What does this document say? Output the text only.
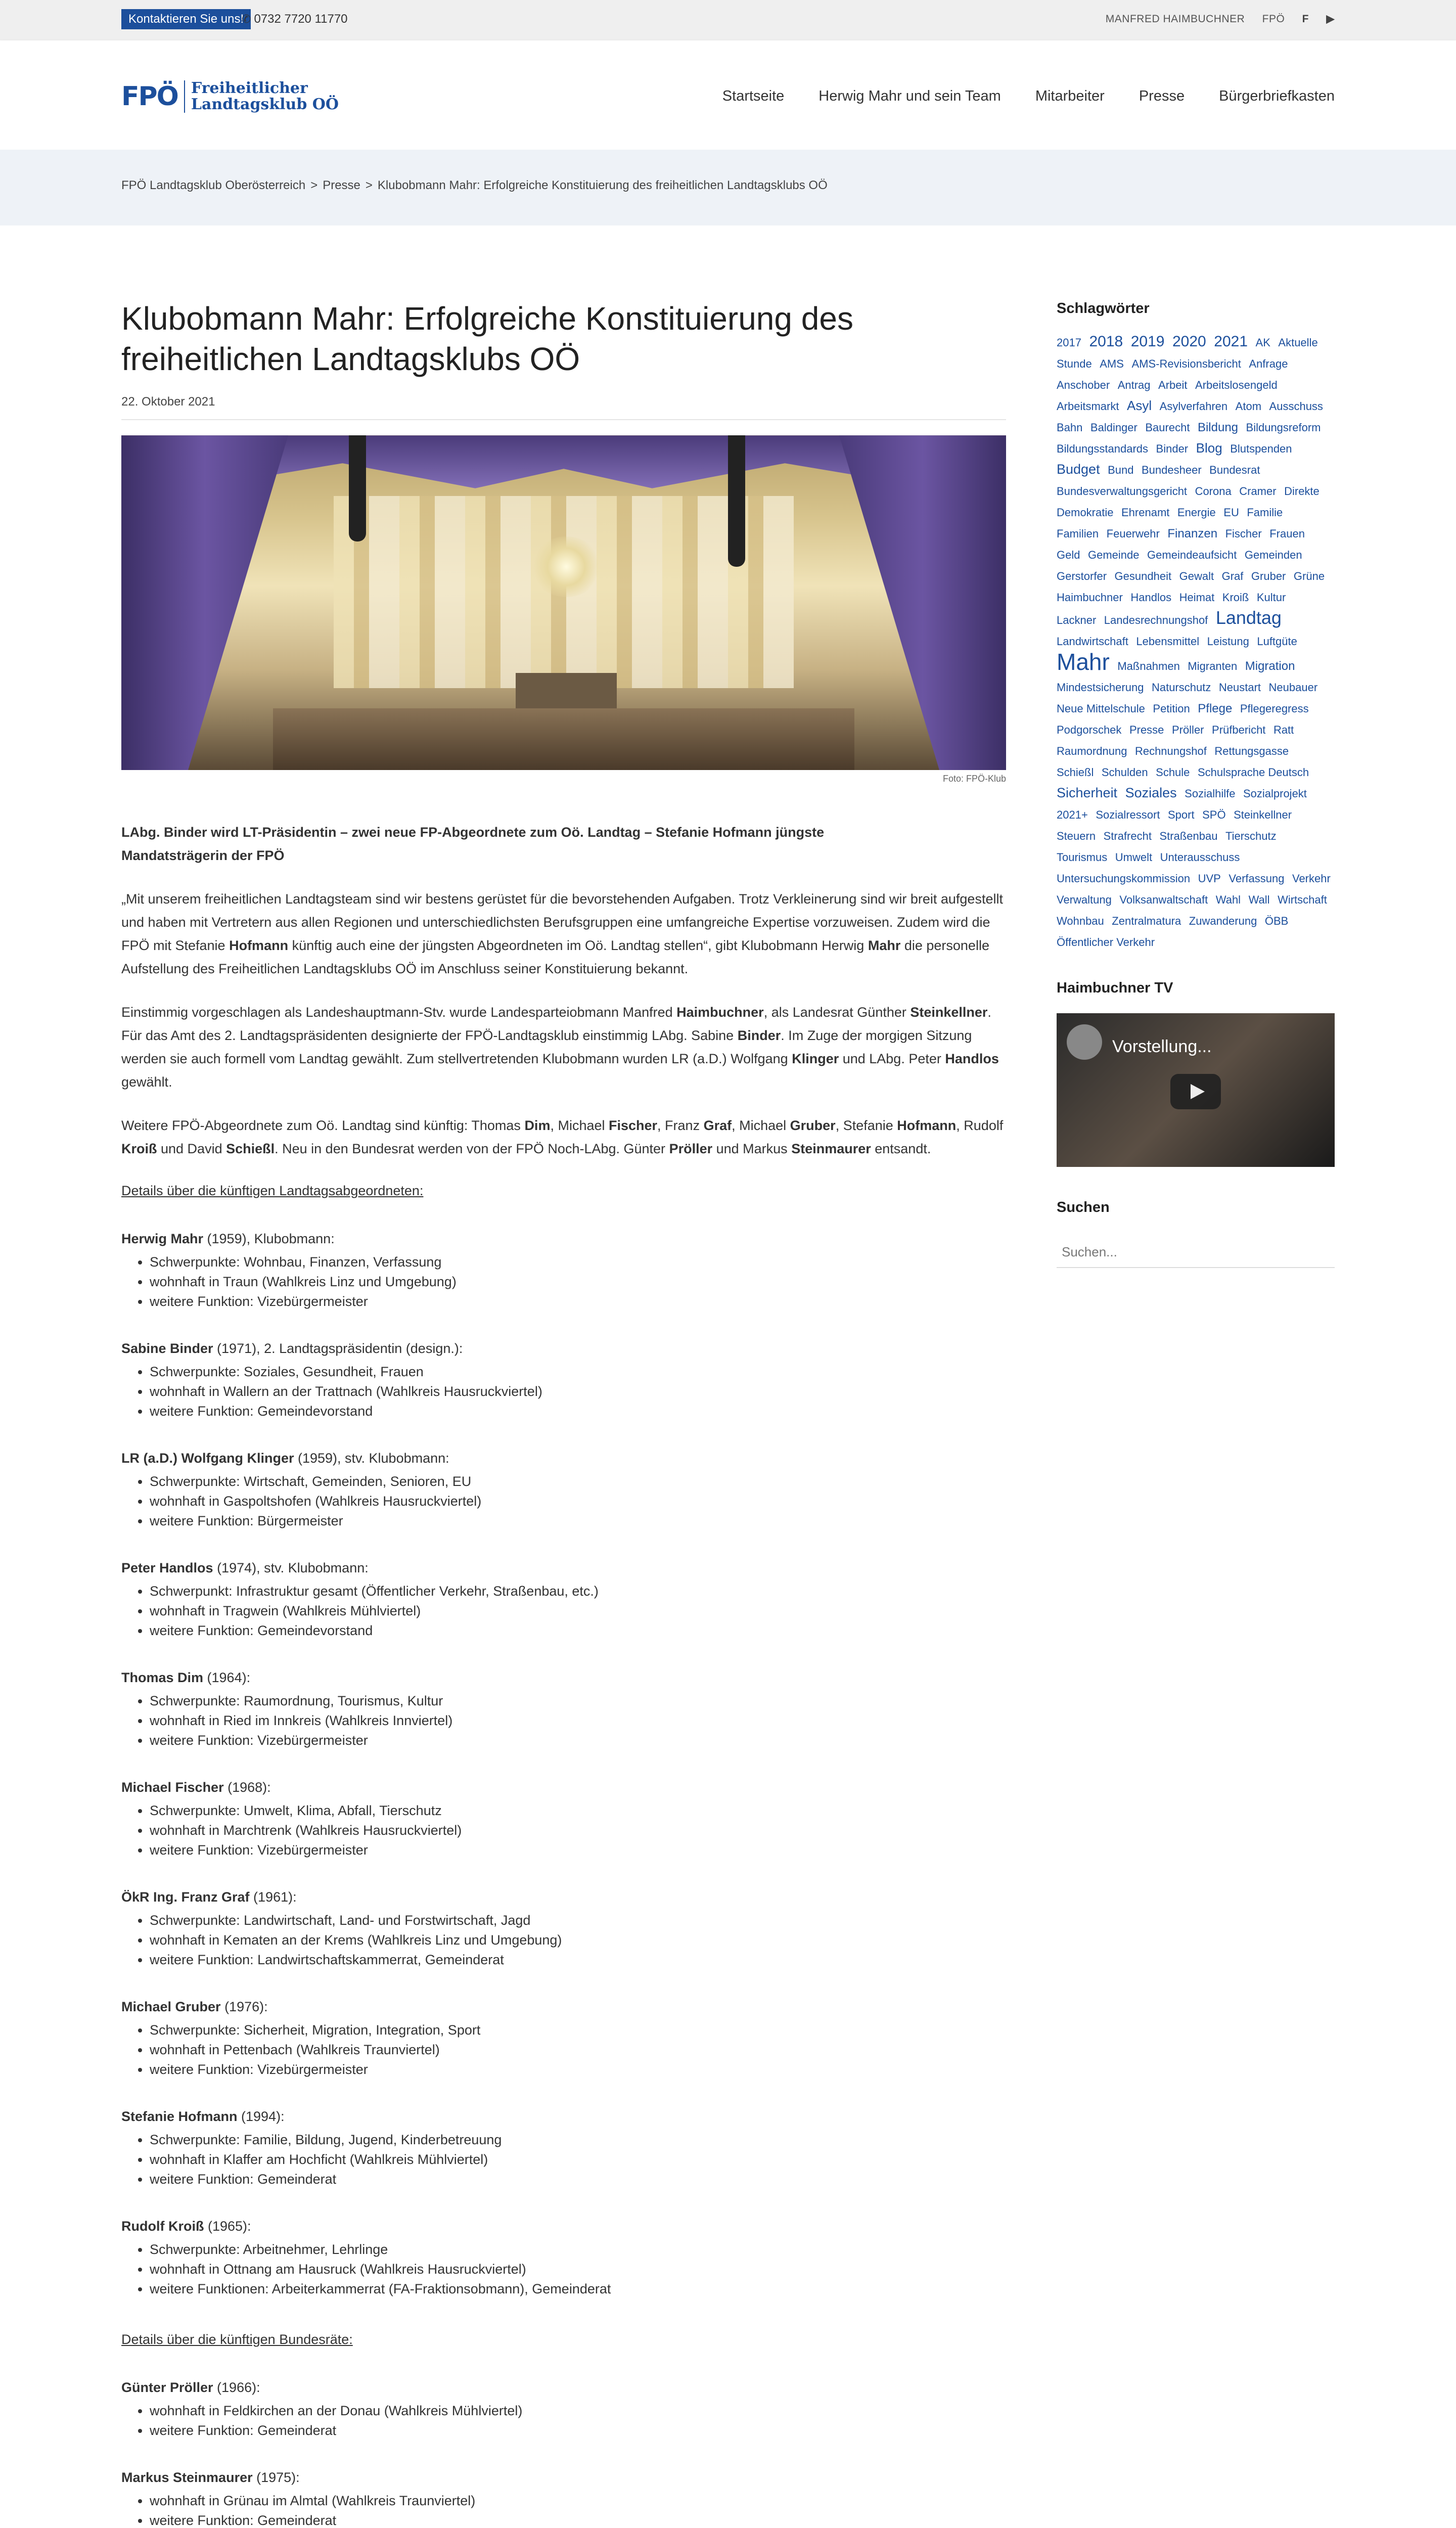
Kontaktieren Sie uns!
✆ 0732 7720 11770	MANFRED HAIMBUCHNER FPÖ F ▶
FPÖ Freiheitlicher
Landtagsklub OÖ	Startseite Herwig Mahr und sein Team Mitarbeiter Presse Bürgerbriefkasten
FPÖ Landtagsklub Oberösterreich > Presse > Klubobmann Mahr: Erfolgreiche Konstituierung des freiheitlichen Landtagsklubs OÖ
Klubobmann Mahr: Erfolgreiche Konstituierung des freiheitlichen Landtagsklubs OÖ
22. Oktober 2021
Foto: FPÖ-Klub
LAbg. Binder wird LT-Präsidentin – zwei neue FP-Abgeordnete zum Oö. Landtag – Stefanie Hofmann jüngste Mandatsträgerin der FPÖ

„Mit unserem freiheitlichen Landtagsteam sind wir bestens gerüstet für die bevorstehenden Aufgaben. Trotz Verkleinerung sind wir breit aufgestellt und haben mit Vertretern aus allen Regionen und unterschiedlichsten Berufsgruppen eine umfangreiche Expertise vorzuweisen. Zudem wird die FPÖ mit Stefanie Hofmann künftig auch eine der jüngsten Abgeordneten im Oö. Landtag stellen“, gibt Klubobmann Herwig Mahr die personelle Aufstellung des Freiheitlichen Landtagsklubs OÖ im Anschluss seiner Konstituierung bekannt.

Einstimmig vorgeschlagen als Landeshauptmann-Stv. wurde Landesparteiobmann Manfred Haimbuchner, als Landesrat Günther Steinkellner. Für das Amt des 2. Landtagspräsidenten designierte der FPÖ-Landtagsklub einstimmig LAbg. Sabine Binder. Im Zuge der morgigen Sitzung werden sie auch formell vom Landtag gewählt. Zum stellvertretenden Klubobmann wurden LR (a.D.) Wolfgang Klinger und LAbg. Peter Handlos gewählt.

Weitere FPÖ-Abgeordnete zum Oö. Landtag sind künftig: Thomas Dim, Michael Fischer, Franz Graf, Michael Gruber, Stefanie Hofmann, Rudolf Kroiß und David Schießl. Neu in den Bundesrat werden von der FPÖ Noch-LAbg. Günter Pröller und Markus Steinmaurer entsandt.

Details über die künftigen Landtagsabgeordneten:
Herwig Mahr (1959), Klubobmann:
• Schwerpunkte: Wohnbau, Finanzen, Verfassung
• wohnhaft in Traun (Wahlkreis Linz und Umgebung)
• weitere Funktion: Vizebürgermeister
Sabine Binder (1971), 2. Landtagspräsidentin (design.):
• Schwerpunkte: Soziales, Gesundheit, Frauen
• wohnhaft in Wallern an der Trattnach (Wahlkreis Hausruckviertel)
• weitere Funktion: Gemeindevorstand
LR (a.D.) Wolfgang Klinger (1959), stv. Klubobmann:
• Schwerpunkte: Wirtschaft, Gemeinden, Senioren, EU
• wohnhaft in Gaspoltshofen (Wahlkreis Hausruckviertel)
• weitere Funktion: Bürgermeister
Peter Handlos (1974), stv. Klubobmann:
• Schwerpunkt: Infrastruktur gesamt (Öffentlicher Verkehr, Straßenbau, etc.)
• wohnhaft in Tragwein (Wahlkreis Mühlviertel)
• weitere Funktion: Gemeindevorstand
Thomas Dim (1964):
• Schwerpunkte: Raumordnung, Tourismus, Kultur
• wohnhaft in Ried im Innkreis (Wahlkreis Innviertel)
• weitere Funktion: Vizebürgermeister
Michael Fischer (1968):
• Schwerpunkte: Umwelt, Klima, Abfall, Tierschutz
• wohnhaft in Marchtrenk (Wahlkreis Hausruckviertel)
• weitere Funktion: Vizebürgermeister
ÖkR Ing. Franz Graf (1961):
• Schwerpunkte: Landwirtschaft, Land- und Forstwirtschaft, Jagd
• wohnhaft in Kematen an der Krems (Wahlkreis Linz und Umgebung)
• weitere Funktion: Landwirtschaftskammerrat, Gemeinderat
Michael Gruber (1976):
• Schwerpunkte: Sicherheit, Migration, Integration, Sport
• wohnhaft in Pettenbach (Wahlkreis Traunviertel)
• weitere Funktion: Vizebürgermeister
Stefanie Hofmann (1994):
• Schwerpunkte: Familie, Bildung, Jugend, Kinderbetreuung
• wohnhaft in Klaffer am Hochficht (Wahlkreis Mühlviertel)
• weitere Funktion: Gemeinderat
Rudolf Kroiß (1965):
• Schwerpunkte: Arbeitnehmer, Lehrlinge
• wohnhaft in Ottnang am Hausruck (Wahlkreis Hausruckviertel)
• weitere Funktionen: Arbeiterkammerrat (FA-Fraktionsobmann), Gemeinderat
Details über die künftigen Bundesräte:
Günter Pröller (1966):
• wohnhaft in Feldkirchen an der Donau (Wahlkreis Mühlviertel)
• weitere Funktion: Gemeinderat
Markus Steinmaurer (1975):
• wohnhaft in Grünau im Almtal (Wahlkreis Traunviertel)
• weitere Funktion: Gemeinderat

Schlagwörter
2017 2018 2019 2020 2021 AK Aktuelle Stunde AMS AMS-Revisionsbericht Anfrage Anschober Antrag Arbeit Arbeitslosengeld Arbeitsmarkt Asyl Asylverfahren Atom Ausschuss Bahn Baldinger Baurecht Bildung Bildungsreform Bildungsstandards Binder Blog Blutspenden Budget Bund Bundesheer Bundesrat Bundesverwaltungsgericht Corona Cramer Direkte Demokratie Ehrenamt Energie EU Familie Familien Feuerwehr Finanzen Fischer Frauen Geld Gemeinde Gemeindeaufsicht Gemeinden Gerstorfer Gesundheit Gewalt Graf Gruber Grüne Haimbuchner Handlos Heimat Kroiß Kultur Lackner Landesrechnungshof Landtag Landwirtschaft Lebensmittel Leistung Luftgüte Mahr Maßnahmen Migranten Migration Mindestsicherung Naturschutz Neustart Neubauer Neue Mittelschule Petition Pflege Pflegeregress Podgorschek Presse Pröller Prüfbericht Ratt Raumordnung Rechnungshof Rettungsgasse Schießl Schulden Schule Schulsprache Deutsch Sicherheit Soziales Sozialhilfe Sozialprojekt 2021+ Sozialressort Sport SPÖ Steinkellner Steuern Strafrecht Straßenbau Tierschutz Tourismus Umwelt Unterausschuss Untersuchungskommission UVP Verfassung Verkehr Verwaltung Volksanwaltschaft Wahl Wall Wirtschaft Wohnbau Zentralmatura Zuwanderung ÖBB Öffentlicher Verkehr
Haimbuchner TV
Vorstellung...
Suchen
Suchen...
